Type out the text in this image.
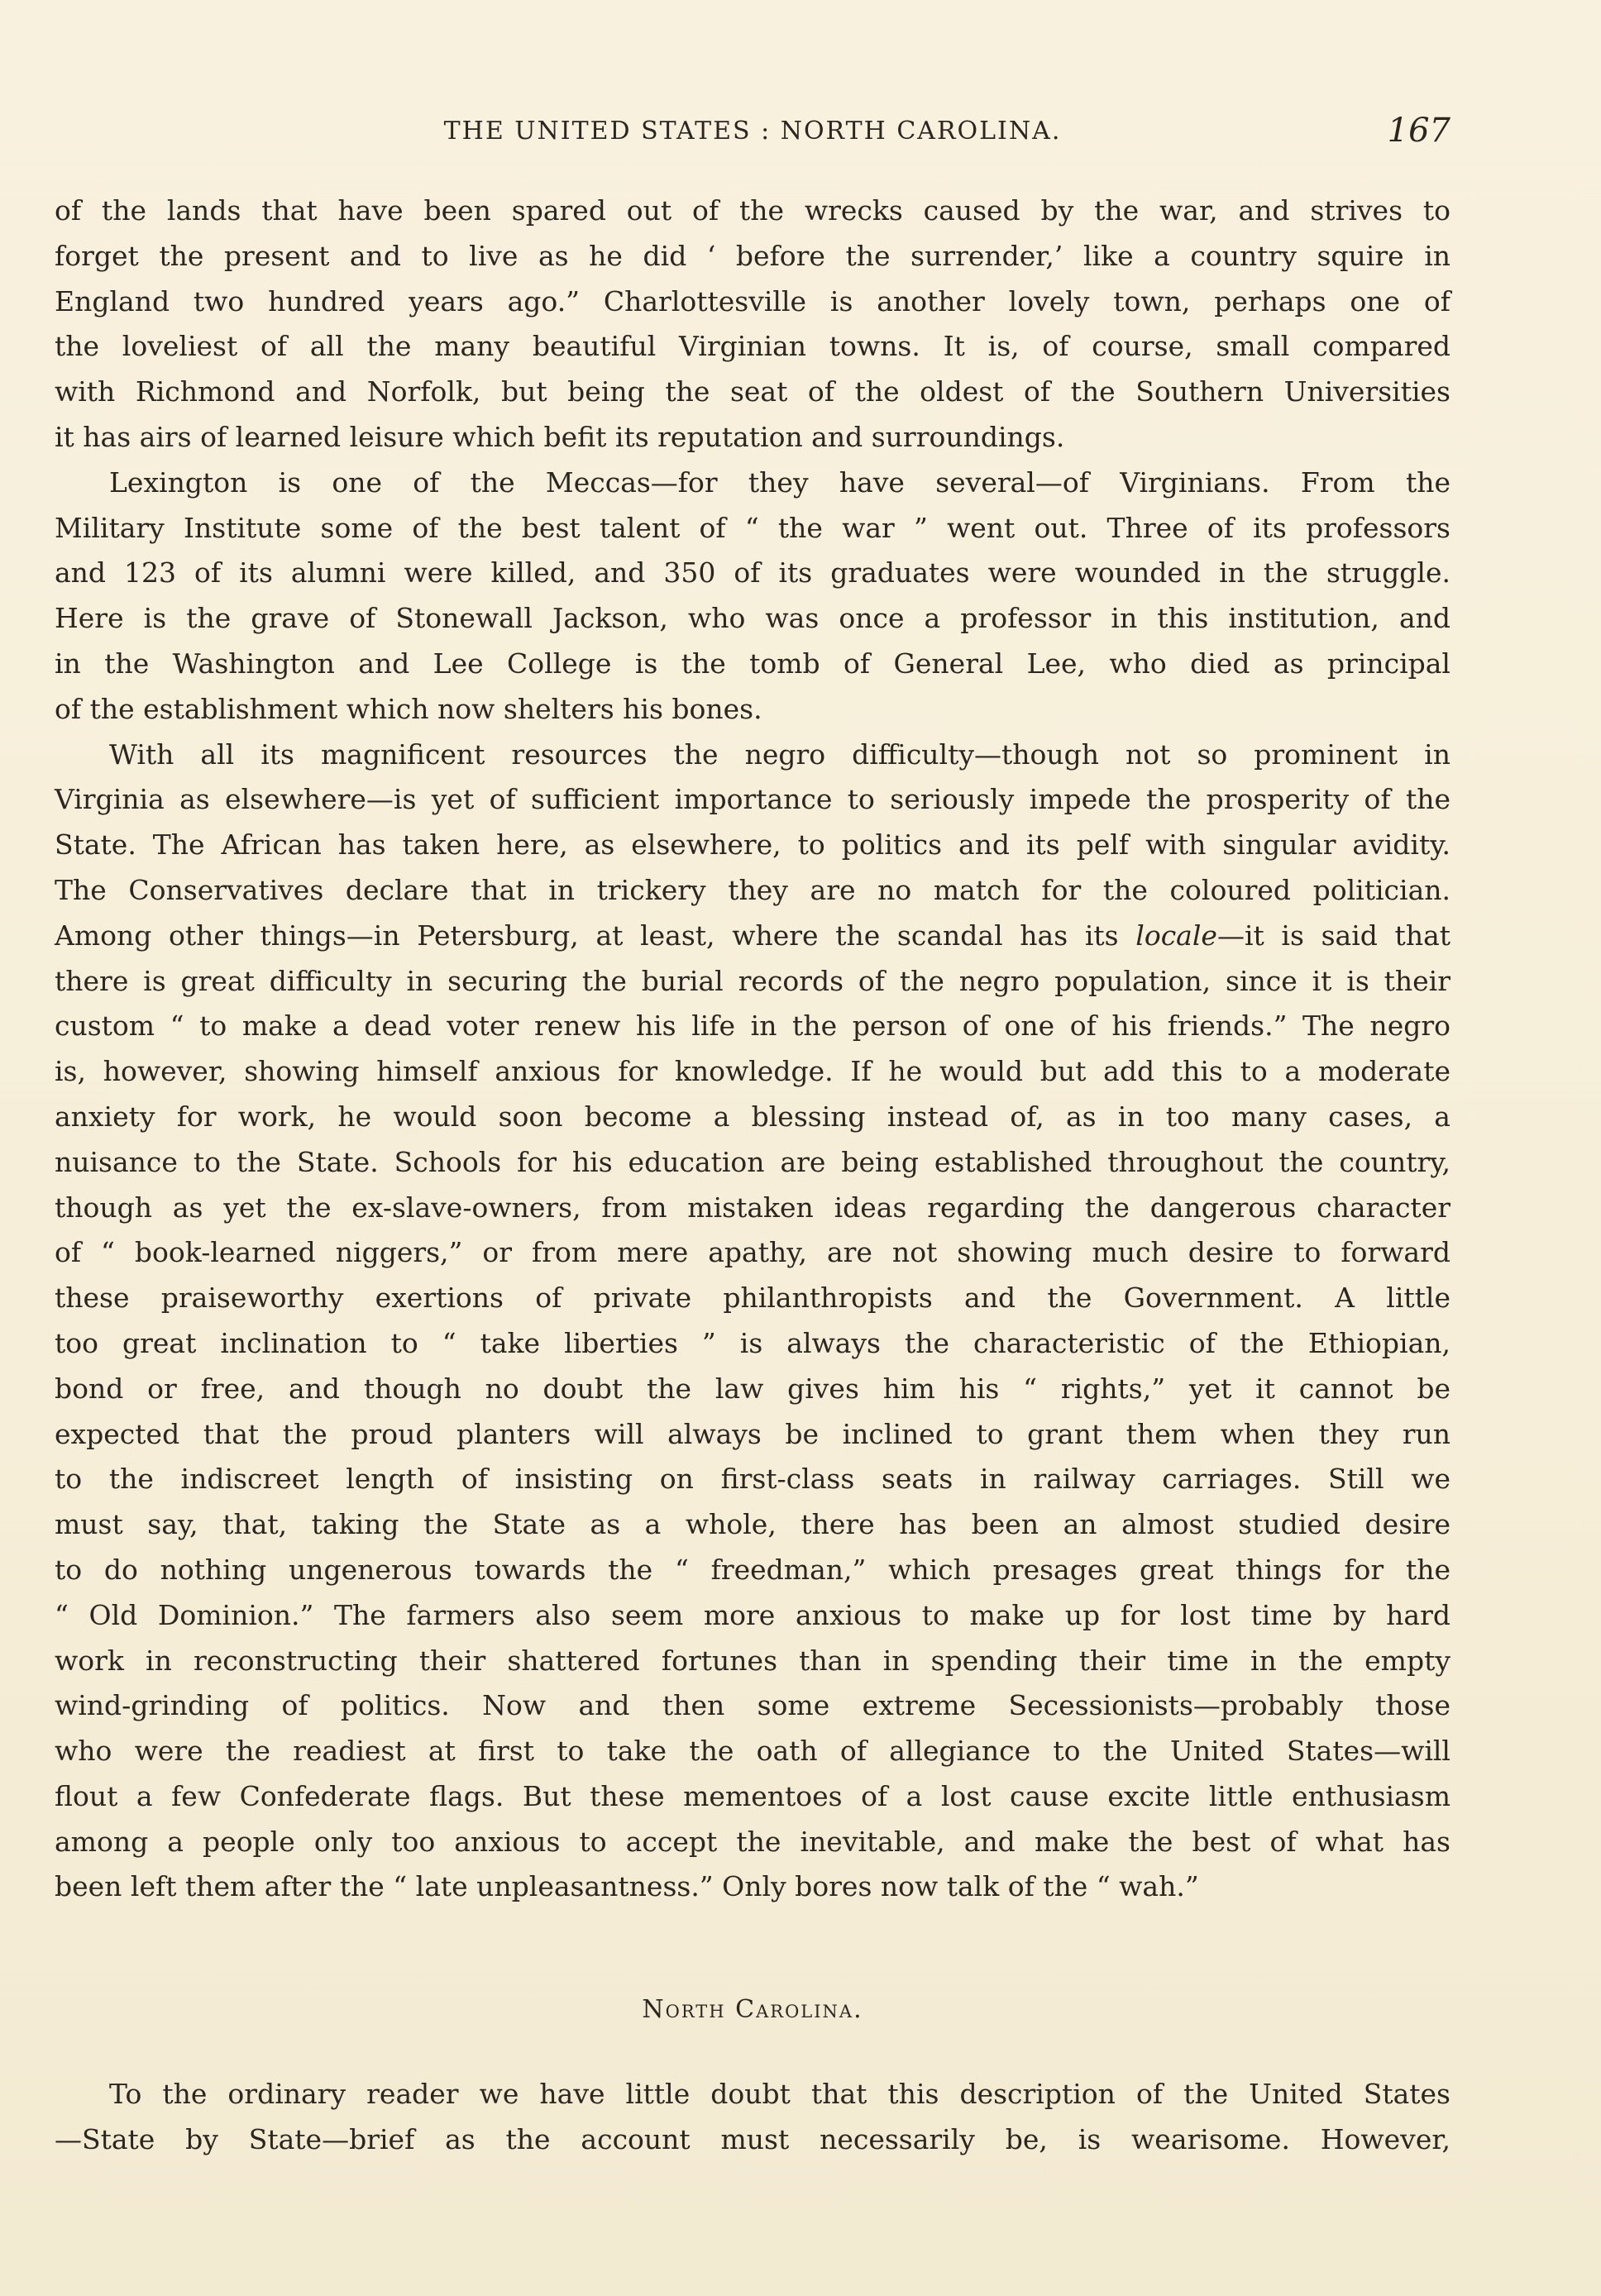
THE UNITED STATES : NORTH CAROLINA.	167
of the lands that have been spared out of the wrecks caused by the war, and strives to
forget the present and to live as he did ‘ before the surrender,’ like a country squire in
England two hundred years ago.” Charlottesville is another lovely town, perhaps one of
the loveliest of all the many beautiful Virginian towns. It is, of course, small compared
with Richmond and Norfolk, but being the seat of the oldest of the Southern Universities
it has airs of learned leisure which befit its reputation and surroundings.
Lexington is one of the Meccas—for they have several—of Virginians. From the
Military Institute some of the best talent of “ the war ” went out. Three of its professors
and 123 of its alumni were killed, and 350 of its graduates were wounded in the struggle.
Here is the grave of Stonewall Jackson, who was once a professor in this institution, and
in the Washington and Lee College is the tomb of General Lee, who died as principal
of the establishment which now shelters his bones.
With all its magnificent resources the negro difficulty—though not so prominent in
Virginia as elsewhere—is yet of sufficient importance to seriously impede the prosperity of the
State. The African has taken here, as elsewhere, to politics and its pelf with singular avidity.
The Conservatives declare that in trickery they are no match for the coloured politician.
Among other things—in Petersburg, at least, where the scandal has its locale—it is said that
there is great difficulty in securing the burial records of the negro population, since it is their
custom “ to make a dead voter renew his life in the person of one of his friends.” The negro
is, however, showing himself anxious for knowledge. If he would but add this to a moderate
anxiety for work, he would soon become a blessing instead of, as in too many cases, a
nuisance to the State. Schools for his education are being established throughout the country,
though as yet the ex-slave-owners, from mistaken ideas regarding the dangerous character
of “ book-learned niggers,” or from mere apathy, are not showing much desire to forward
these praiseworthy exertions of private philanthropists and the Government. A little
too great inclination to “ take liberties ” is always the characteristic of the Ethiopian,
bond or free, and though no doubt the law gives him his “ rights,” yet it cannot be
expected that the proud planters will always be inclined to grant them when they run
to the indiscreet length of insisting on first-class seats in railway carriages. Still we
must say, that, taking the State as a whole, there has been an almost studied desire
to do nothing ungenerous towards the “ freedman,” which presages great things for the
“ Old Dominion.” The farmers also seem more anxious to make up for lost time by hard
work in reconstructing their shattered fortunes than in spending their time in the empty
wind-grinding of politics. Now and then some extreme Secessionists—probably those
who were the readiest at first to take the oath of allegiance to the United States—will
flout a few Confederate flags. But these mementoes of a lost cause excite little enthusiasm
among a people only too anxious to accept the inevitable, and make the best of what has
been left them after the “ late unpleasantness.” Only bores now talk of the “ wah.”
North Carolina.
To the ordinary reader we have little doubt that this description of the United States
—State by State—brief as the account must necessarily be, is wearisome. However,
